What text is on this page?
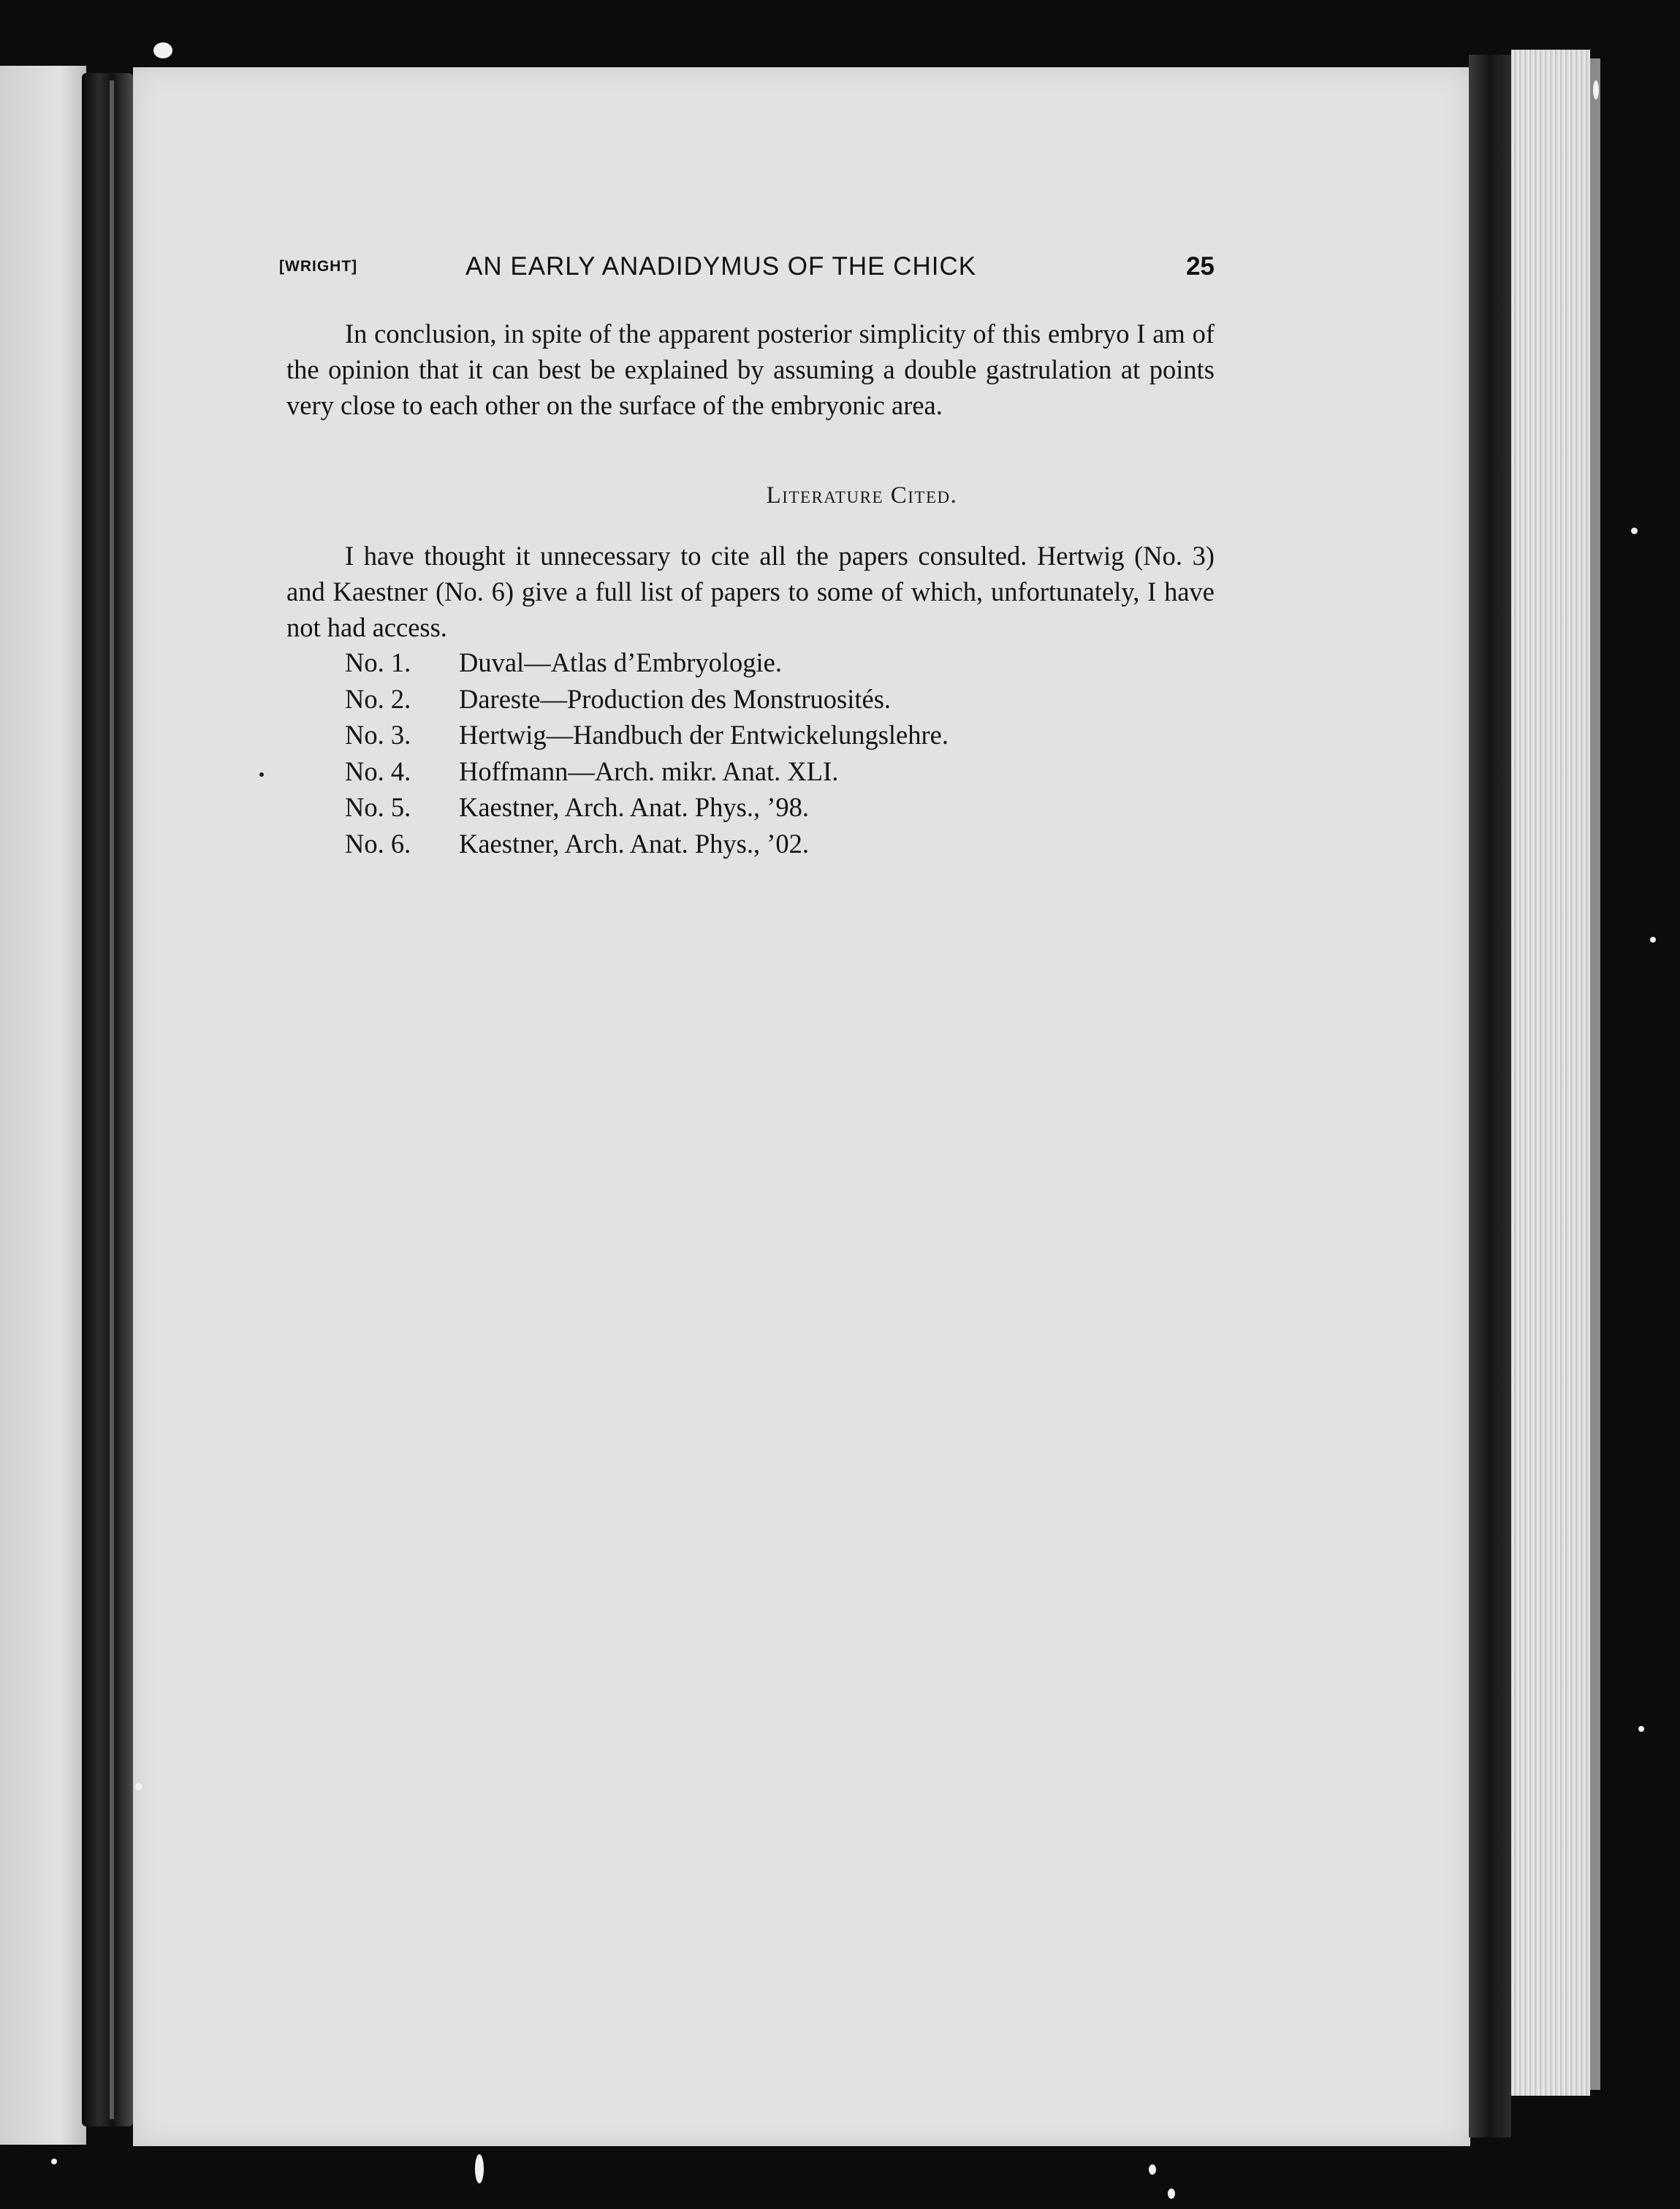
[WRIGHT]	AN EARLY ANADIDYMUS OF THE CHICK	25

In conclusion, in spite of the apparent posterior simplicity of this embryo I am of the opinion that it can best be explained by assuming a double gastrulation at points very close to each other on the surface of the embryonic area.

Literature Cited.

I have thought it unnecessary to cite all the papers consulted. Hertwig (No. 3) and Kaestner (No. 6) give a full list of papers to some of which, unfortunately, I have not had access.

No. 1.	Duval—Atlas d’Embryologie.
No. 2.	Dareste—Production des Monstruosités.
No. 3.	Hertwig—Handbuch der Entwickelungslehre.
No. 4.	Hoffmann—Arch. mikr. Anat. XLI.
No. 5.	Kaestner, Arch. Anat. Phys., ’98.
No. 6.	Kaestner, Arch. Anat. Phys., ’02.
